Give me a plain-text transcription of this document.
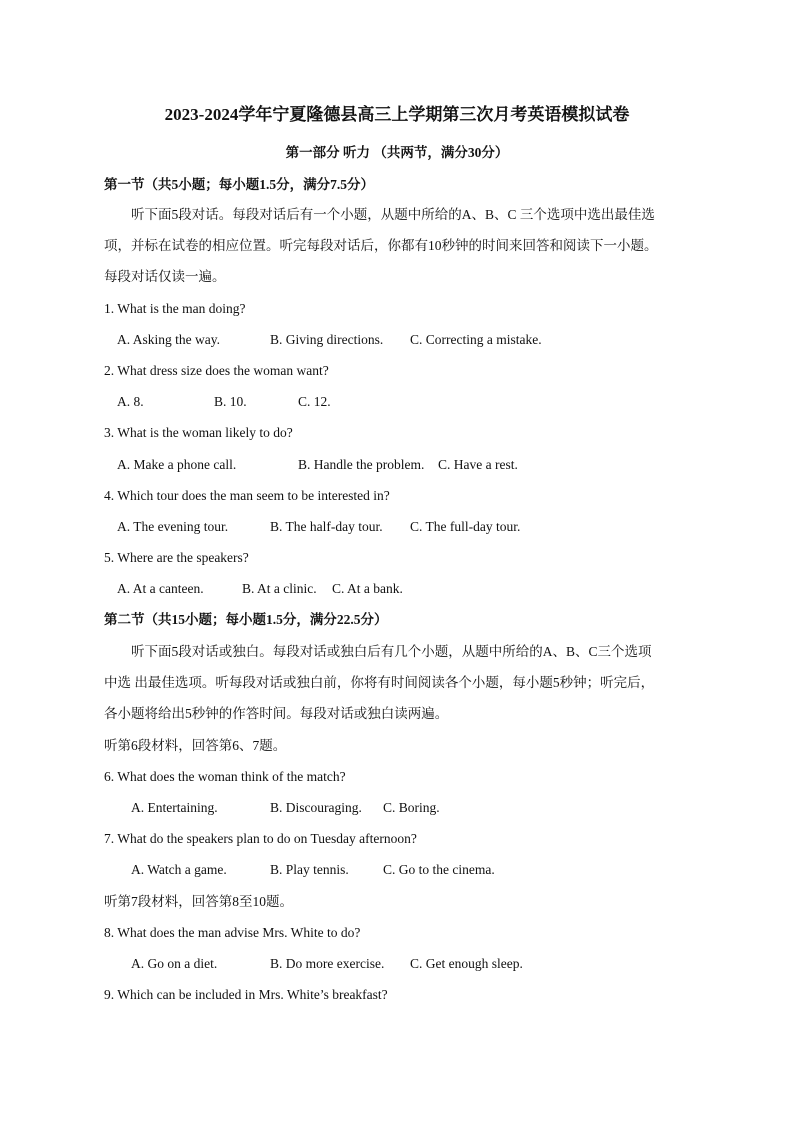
2023-2024学年宁夏隆德县高三上学期第三次月考英语模拟试卷
第一部分 听力 （共两节，满分30分）
第一节（共5小题；每小题1.5分，满分7.5分）
听下面5段对话。每段对话后有一个小题，从题中所给的A、B、C 三个选项中选出最佳选
项，并标在试卷的相应位置。听完每段对话后，你都有10秒钟的时间来回答和阅读下一小题。
每段对话仅读一遍。
1. What is the man doing?
A. Asking the way.	B. Giving directions. C. Correcting a mistake.
2. What dress size does the woman want?
A. 8.	B. 10.	C. 12.
3. What is the woman likely to do?
A. Make a phone call.	B. Handle the problem. C. Have a rest.
4. Which tour does the man seem to be interested in?
A. The evening tour.	B. The half-day tour. C. The full-day tour.
5. Where are the speakers?
A. At a canteen.	B. At a clinic. C. At a bank.
第二节（共15小题；每小题1.5分，满分22.5分）
听下面5段对话或独白。每段对话或独白后有几个小题，从题中所给的A、B、C三个选项
中选 出最佳选项。听每段对话或独白前，你将有时间阅读各个小题，每小题5秒钟；听完后，
各小题将给出5秒钟的作答时间。每段对话或独白读两遍。
听第6段材料，回答第6、7题。
6. What does the woman think of the match?
A. Entertaining.	B. Discouraging. C. Boring.
7. What do the speakers plan to do on Tuesday afternoon?
A. Watch a game.	B. Play tennis.	C. Go to the cinema.
听第7段材料，回答第8至10题。
8. What does the man advise Mrs. White to do?
A. Go on a diet.	B. Do more exercise. C. Get enough sleep.
9. Which can be included in Mrs. White’s breakfast?
